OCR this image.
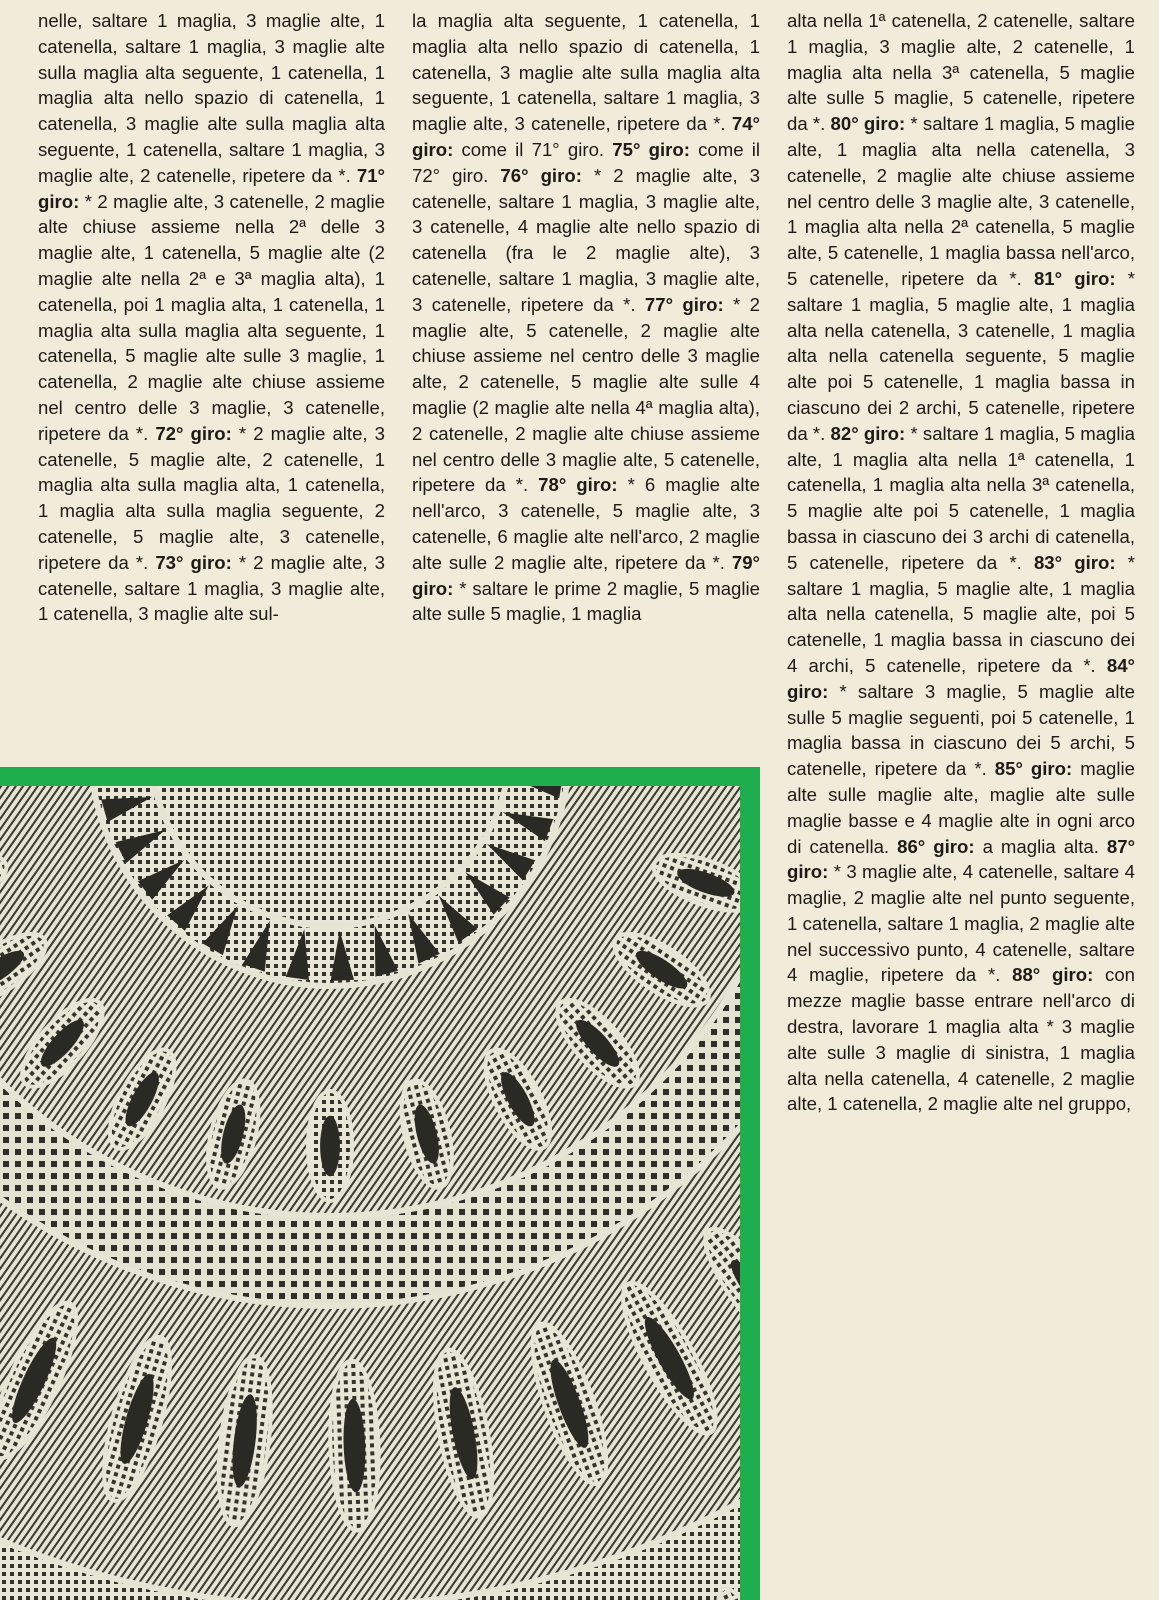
nelle, saltare 1 maglia, 3 maglie alte, 1 catenella, saltare 1 maglia, 3 maglie alte sulla maglia alta seguente, 1 catenella, 1 maglia alta nello spazio di catenella, 1 catenella, 3 maglie alte sulla maglia alta seguente, 1 catenella, saltare 1 maglia, 3 maglie alte, 2 catenelle, ripetere da *. 71° giro: * 2 maglie alte, 3 catenelle, 2 maglie alte chiuse assieme nella 2ª delle 3 maglie alte, 1 catenella, 5 maglie alte (2 maglie alte nella 2ª e 3ª maglia alta), 1 catenella, poi 1 maglia alta, 1 catenella, 1 maglia alta sulla maglia alta seguente, 1 catenella, 5 maglie alte sulle 3 maglie, 1 catenella, 2 maglie alte chiuse assieme nel centro delle 3 maglie, 3 catenelle, ripetere da *. 72° giro: * 2 maglie alte, 3 catenelle, 5 maglie alte, 2 catenelle, 1 maglia alta sulla maglia alta, 1 catenella, 1 maglia alta sulla maglia seguente, 2 catenelle, 5 maglie alte, 3 catenelle, ripetere da *. 73° giro: * 2 maglie alte, 3 catenelle, saltare 1 maglia, 3 maglie alte, 1 catenella, 3 maglie alte sul-

la maglia alta seguente, 1 catenella, 1 maglia alta nello spazio di catenella, 1 catenella, 3 maglie alte sulla maglia alta seguente, 1 catenella, saltare 1 maglia, 3 maglie alte, 3 catenelle, ripetere da *. 74° giro: come il 71° giro. 75° giro: come il 72° giro. 76° giro: * 2 maglie alte, 3 catenelle, saltare 1 maglia, 3 maglie alte, 3 catenelle, 4 maglie alte nello spazio di catenella (fra le 2 maglie alte), 3 catenelle, saltare 1 maglia, 3 maglie alte, 3 catenelle, ripetere da *. 77° giro: * 2 maglie alte, 5 catenelle, 2 maglie alte chiuse assieme nel centro delle 3 maglie alte, 2 catenelle, 5 maglie alte sulle 4 maglie (2 maglie alte nella 4ª maglia alta), 2 catenelle, 2 maglie alte chiuse assieme nel centro delle 3 maglie alte, 5 catenelle, ripetere da *. 78° giro: * 6 maglie alte nell'arco, 3 catenelle, 5 maglie alte, 3 catenelle, 6 maglie alte nell'arco, 2 maglie alte sulle 2 maglie alte, ripetere da *. 79° giro: * saltare le prime 2 maglie, 5 maglie alte sulle 5 maglie, 1 maglia

alta nella 1ª catenella, 2 catenelle, saltare 1 maglia, 3 maglie alte, 2 catenelle, 1 maglia alta nella 3ª catenella, 5 maglie alte sulle 5 maglie, 5 catenelle, ripetere da *. 80° giro: * saltare 1 maglia, 5 maglie alte, 1 maglia alta nella catenella, 3 catenelle, 2 maglie alte chiuse assieme nel centro delle 3 maglie alte, 3 catenelle, 1 maglia alta nella 2ª catenella, 5 maglie alte, 5 catenelle, 1 maglia bassa nell'arco, 5 catenelle, ripetere da *. 81° giro: * saltare 1 maglia, 5 maglie alte, 1 maglia alta nella catenella, 3 catenelle, 1 maglia alta nella catenella seguente, 5 maglie alte poi 5 catenelle, 1 maglia bassa in ciascuno dei 2 archi, 5 catenelle, ripetere da *. 82° giro: * saltare 1 maglia, 5 maglia alte, 1 maglia alta nella 1ª catenella, 1 catenella, 1 maglia alta nella 3ª catenella, 5 maglie alte poi 5 catenelle, 1 maglia bassa in ciascuno dei 3 archi di catenella, 5 catenelle, ripetere da *. 83° giro: * saltare 1 maglia, 5 maglie alte, 1 maglia alta nella catenella, 5 maglie alte, poi 5 catenelle, 1 maglia bassa in ciascuno dei 4 archi, 5 catenelle, ripetere da *. 84° giro: * saltare 3 maglie, 5 maglie alte sulle 5 maglie seguenti, poi 5 catenelle, 1 maglia bassa in ciascuno dei 5 archi, 5 catenelle, ripetere da *. 85° giro: maglie alte sulle maglie alte, maglie alte sulle maglie basse e 4 maglie alte in ogni arco di catenella. 86° giro: a maglia alta. 87° giro: * 3 maglie alte, 4 catenelle, saltare 4 maglie, 2 maglie alte nel punto seguente, 1 catenella, saltare 1 maglia, 2 maglie alte nel successivo punto, 4 catenelle, saltare 4 maglie, ripetere da *. 88° giro: con mezze maglie basse entrare nell'arco di destra, lavorare 1 maglia alta * 3 maglie alte sulle 3 maglie di sinistra, 1 maglia alta nella catenella, 4 catenelle, 2 maglie alte, 1 catenella, 2 maglie alte nel gruppo,
